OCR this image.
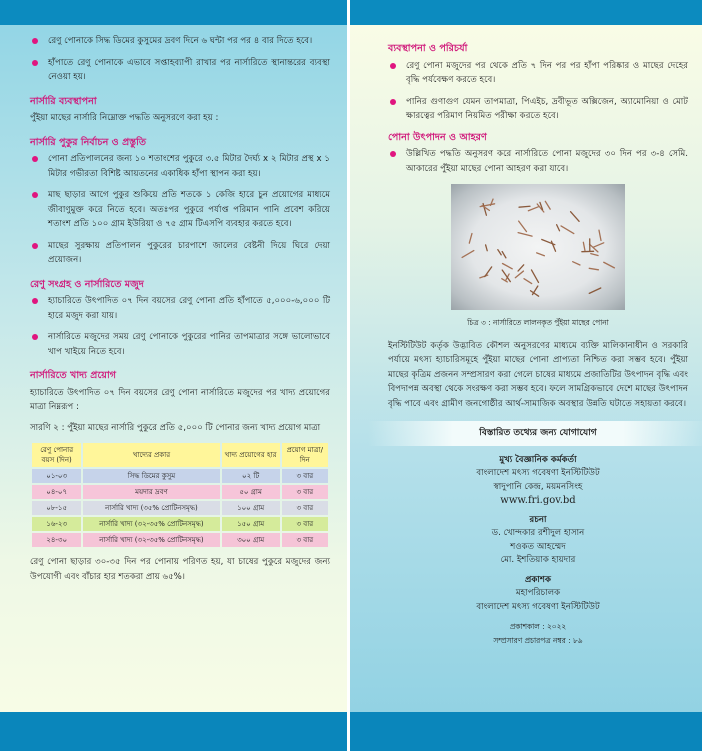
রেণু পোনাকে সিদ্ধ ডিমের কুসুমের দ্রবণ দিনে ৬ ঘন্টা পর পর ৪ বার দিতে হবে।
হাঁপাতে রেণু পোনাকে এভাবে সপ্তাহব্যাপী রাখার পর নার্সারিতে স্থানান্তরের ব্যবস্থা নেওয়া হয়।
নার্সারি ব্যবস্থাপনা

পুঁইয়া মাছের নার্সারি নিম্নোক্ত পদ্ধতি অনুসরণে করা হয় :

নার্সারি পুকুর নির্বাচন ও প্রস্তুতি
পোনা প্রতিপালনের জন্য ১০ শতাংশের পুকুরে ৩.৫ মিটার দৈর্ঘ্য x ২ মিটার প্রস্থ x ১ মিটার গভীরতা বিশিষ্ট আয়তনের একাধিক হাঁপা স্থাপন করা হয়।
মাছ ছাড়ার আগে পুকুর শুকিয়ে প্রতি শতকে ১ কেজি হারে চুন প্রয়োগের মাধ্যমে জীবাণুমুক্ত করে নিতে হবে। অতঃপর পুকুরে পর্যাপ্ত পরিমান পানি প্রবেশ করিয়ে শতাংশ প্রতি ১০০ গ্রাম ইউরিয়া ও ৭৫ গ্রাম টিএসপি ব্যবহার করতে হবে।
মাছের সুরক্ষায় প্রতিপালন পুকুরের চারপাশে জালের বেষ্টনী দিয়ে ঘিরে দেয়া প্রয়োজন।
রেণু সংগ্রহ ও নার্সারিতে মজুদ
হ্যাচারিতে উৎপাদিত ০৭ দিন বয়সের রেণু পোনা প্রতি হাঁপাতে ৫,০০০-৬,০০০ টি হারে মজুদ করা যায়।
নার্সারিতে মজুদের সময় রেণু পোনাকে পুকুরের পানির তাপমাত্রার সঙ্গে ভালোভাবে খাপ খাইয়ে নিতে হবে।
নার্সারিতে খাদ্য প্রয়োগ

হ্যাচারিতে উৎপাদিত ০৭ দিন বয়সের রেণু পোনা নার্সারিতে মজুদের পর খাদ্য প্রয়োগের মাত্রা নিম্নরূপ :

সারণি ২ : পুঁইয়া মাছের নার্সারি পুকুরে প্রতি ৫,০০০ টি পোনার জন্য খাদ্য প্রয়োগ মাত্রা

রেণু পোনার বয়স (দিন)	খাদ্যের প্রকার	খাদ্য প্রয়োগের হার	প্রয়োগ মাত্রা/দিন
০১-০৩	সিদ্ধ ডিমের কুসুম	০২ টি	৩ বার
০৪-০৭	ময়দার দ্রবণ	৫০ গ্রাম	৩ বার
০৮-১৫	নার্সারি খাদ্য (৩৫% প্রোটিনসমৃদ্ধ)	১০০ গ্রাম	৩ বার
১৬-২৩	নার্সারি খাদ্য (৩২-৩৫% প্রোটিনসমৃদ্ধ)	১৫০ গ্রাম	৩ বার
২৪-৩০	নার্সারি খাদ্য (৩২-৩৫% প্রোটিনসমৃদ্ধ)	৩০০ গ্রাম	৩ বার

রেণু পোনা ছাড়ার ৩০-৩৫ দিন পর পোনায় পরিণত হয়, যা চাষের পুকুরে মজুদের জন্য উপযোগী এবং বাঁচার হার শতকরা প্রায় ৬৫%।

ব্যবস্থাপনা ও পরিচর্যা
রেণু পোনা মজুদের পর থেকে প্রতি ৭ দিন পর পর হাঁপা পরিষ্কার ও মাছের দেহের বৃদ্ধি পর্যবেক্ষণ করতে হবে।
পানির গুণাগুণ যেমন তাপমাত্রা, পিএইচ, দ্রবীভূত অক্সিজেন, অ্যামোনিয়া ও মোট ক্ষারত্বের পরিমাণ নিয়মিত পরীক্ষা করতে হবে।
পোনা উৎপাদন ও আহরণ
উল্লিখিত পদ্ধতি অনুসরণ করে নার্সারিতে পোনা মজুদের ৩০ দিন পর ৩-৪ সেমি. আকারের পুঁইয়া মাছের পোনা আহরণ করা যাবে।
চিত্র ৩ : নার্সারিতে লালনকৃত পুঁইয়া মাছের পোনা

ইনস্টিটিউট কর্তৃক উদ্ভাবিত কৌশল অনুসরণের মাধ্যমে ব্যক্তি মালিকানাধীন ও সরকারি পর্যায়ে মৎস্য হ্যাচারিসমূহে পুঁইয়া মাছের পোনা প্রাপ্যতা নিশ্চিত করা সম্ভব হবে। পুঁইয়া মাছের কৃত্রিম প্রজনন সম্প্রসারণ করা গেলে চাষের মাধ্যমে প্রজাতিটির উৎপাদন বৃদ্ধি এবং বিপদাপন্ন অবস্থা থেকে সংরক্ষণ করা সম্ভব হবে। ফলে সামগ্রিকভাবে দেশে মাছের উৎপাদন বৃদ্ধি পাবে এবং গ্রামীণ জনগোষ্ঠীর আর্থ-সামাজিক অবস্থার উন্নতি ঘটাতে সহায়তা করবে।

বিস্তারিত তথ্যের জন্য যোগাযোগ
মুখ্য বৈজ্ঞানিক কর্মকর্তা
বাংলাদেশ মৎস্য গবেষণা ইনস্টিটিউট
স্বাদুপানি কেন্দ্র, ময়মনসিংহ
www.fri.gov.bd
রচনা
ড. খোন্দকার রশীদুল হাসান
শওকত আহম্মেদ
মো. ইশতিয়াক হায়দার
প্রকাশক
মহাপরিচালক
বাংলাদেশ মৎস্য গবেষণা ইনস্টিটিউট
প্রকাশকাল : ২০২২
সম্প্রসারণ প্রচারপত্র নম্বর : ৮৯
